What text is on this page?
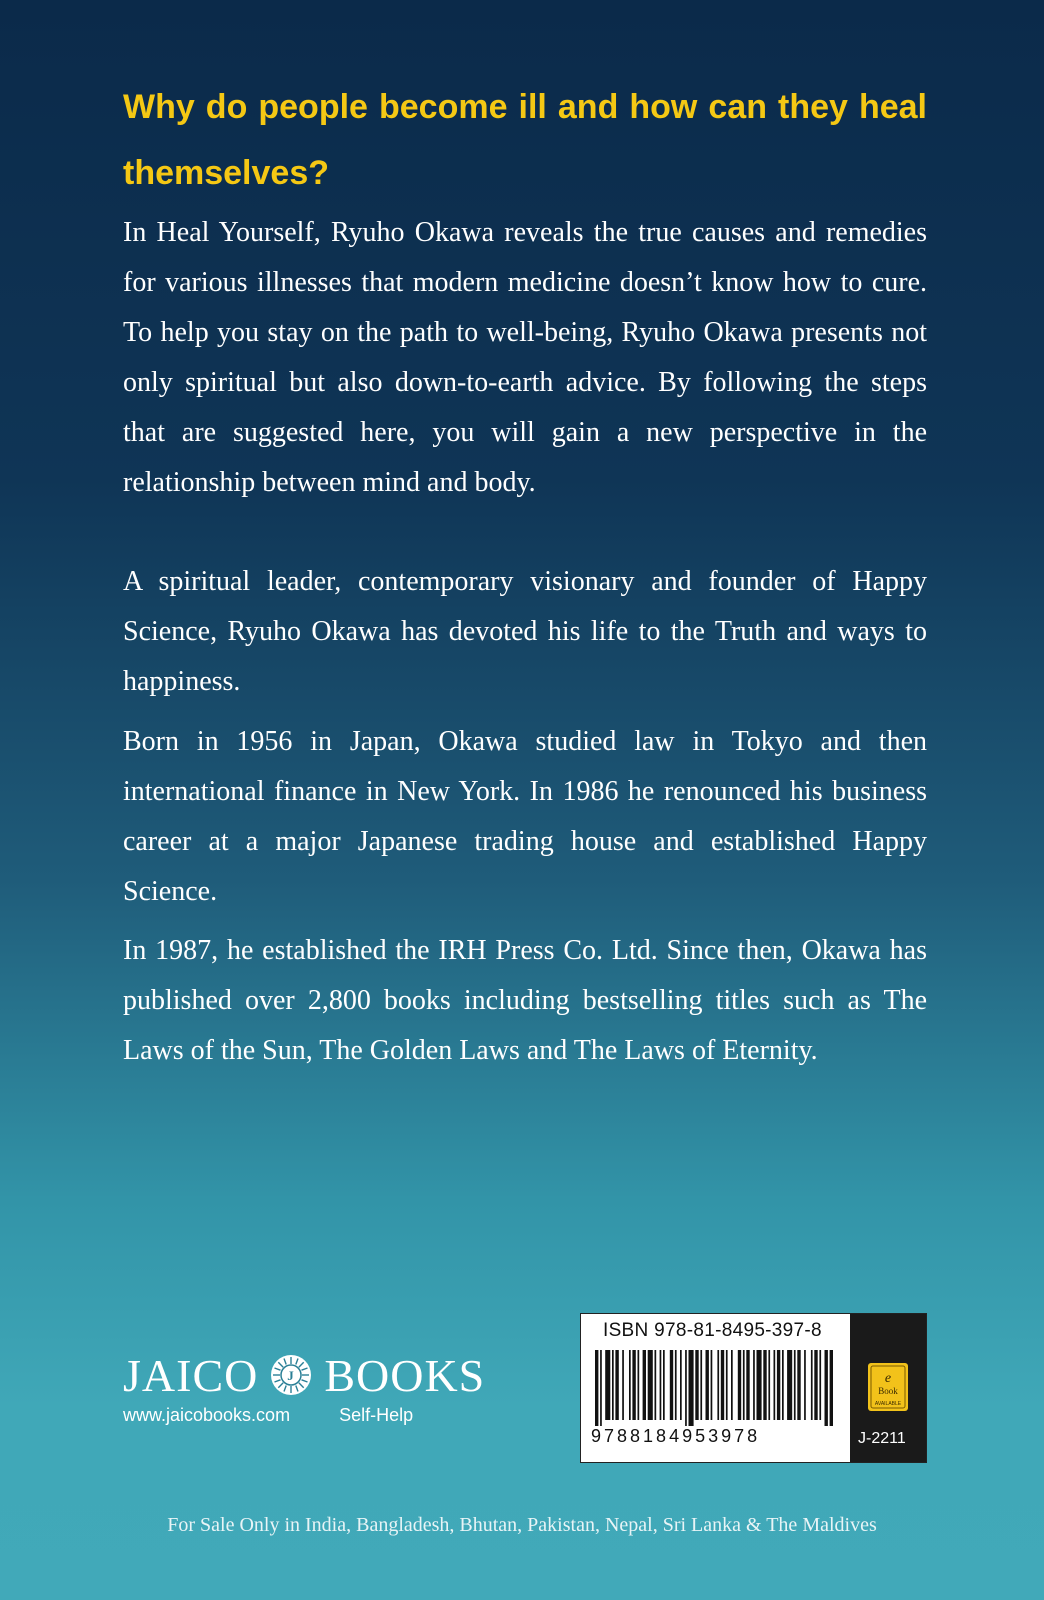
Why do people become ill and how can they heal themselves?

In Heal Yourself, Ryuho Okawa reveals the true causes and remedies for various illnesses that modern medicine doesn’t know how to cure. To help you stay on the path to well-being, Ryuho Okawa presents not only spiritual but also down-to-earth advice. By following the steps that are suggested here, you will gain a new perspective in the relationship between mind and body.

A spiritual leader, contemporary visionary and founder of Happy Science, Ryuho Okawa has devoted his life to the Truth and ways to happiness.

Born in 1956 in Japan, Okawa studied law in Tokyo and then international finance in New York. In 1986 he renounced his business career at a major Japanese trading house and established Happy Science.

In 1987, he established the IRH Press Co. Ltd. Since then, Okawa has published over 2,800 books including bestselling titles such as The Laws of the Sun, The Golden Laws and The Laws of Eternity.

JAICO J BOOKS
www.jaicobooks.com	Self-Help
ISBN 978-81-8495-397-8
9788184953978
e
Book
AVAILABLE
J-2211
For Sale Only in India, Bangladesh, Bhutan, Pakistan, Nepal, Sri Lanka & The Maldives
